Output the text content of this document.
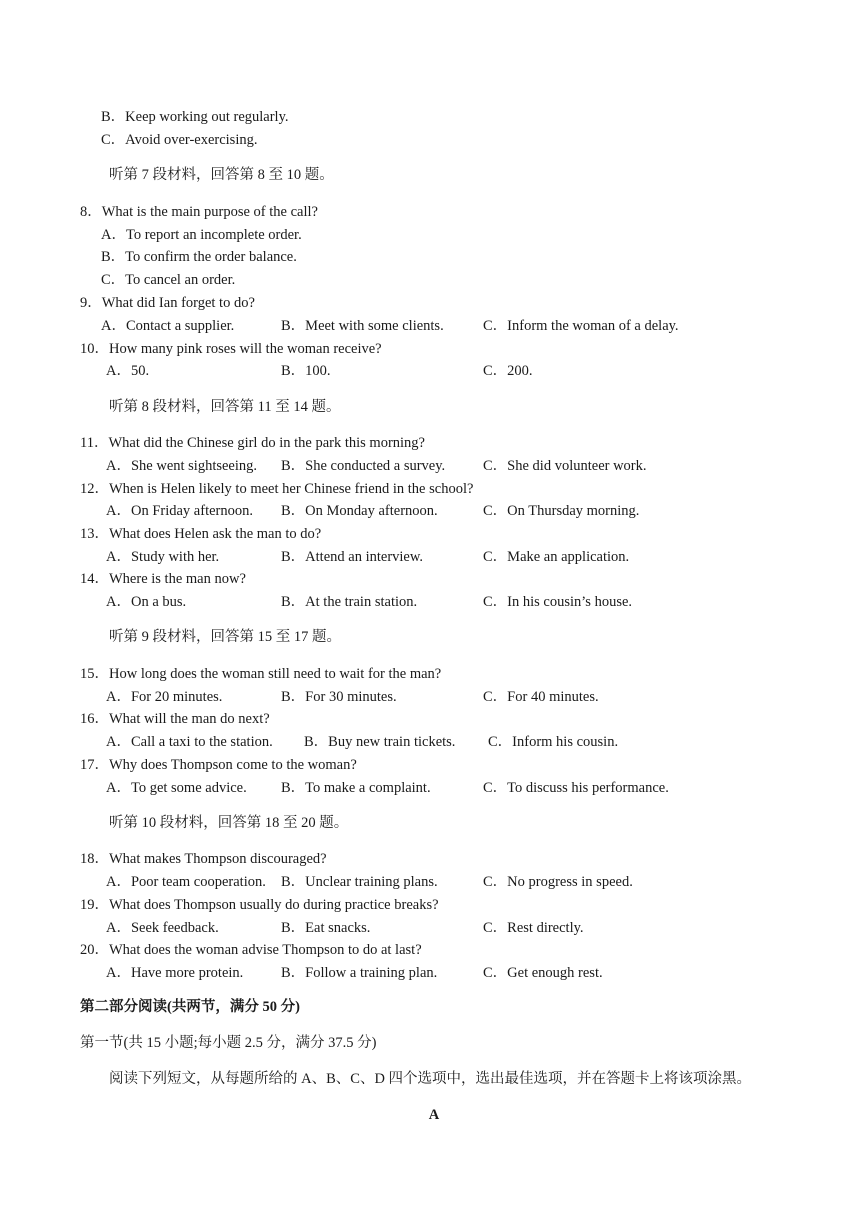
B．Keep working out regularly.
C．Avoid over-exercising.
听第 7 段材料，回答第 8 至 10 题。
8．What is the main purpose of the call?
A．To report an incomplete order.
B．To confirm the order balance.
C．To cancel an order.
9．What did Ian forget to do?
A．Contact a supplier.	B．Meet with some clients.	C．Inform the woman of a delay.
10．How many pink roses will the woman receive?
A．50.	B．100.	C．200.
听第 8 段材料，回答第 11 至 14 题。
11．What did the Chinese girl do in the park this morning?
A．She went sightseeing. B．She conducted a survey.	C．She did volunteer work.
12．When is Helen likely to meet her Chinese friend in the school?
A．On Friday afternoon. B．On Monday afternoon.	C．On Thursday morning.
13．What does Helen ask the man to do?
A．Study with her.	B．Attend an interview.	C．Make an application.
14．Where is the man now?
A．On a bus.	B．At the train station.	C．In his cousin’s house.
听第 9 段材料，回答第 15 至 17 题。
15．How long does the woman still need to wait for the man?
A．For 20 minutes.	B．For 30 minutes.	C．For 40 minutes.
16．What will the man do next?
A．Call a taxi to the station. B．Buy new train tickets. C．Inform his cousin.
17．Why does Thompson come to the woman?
A．To get some advice. B．To make a complaint.	C．To discuss his performance.
听第 10 段材料，回答第 18 至 20 题。
18．What makes Thompson discouraged?
A．Poor team cooperation. B．Unclear training plans.	C．No progress in speed.
19．What does Thompson usually do during practice breaks?
A．Seek feedback.	B．Eat snacks.	C．Rest directly.
20．What does the woman advise Thompson to do at last?
A．Have more protein.	B．Follow a training plan.	C．Get enough rest.
第二部分阅读(共两节，满分 50 分)
第一节(共 15 小题;每小题 2.5 分，满分 37.5 分)
阅读下列短文，从每题所给的 A、B、C、D 四个选项中，选出最佳选项，并在答题卡上将该项涂黑。
A
